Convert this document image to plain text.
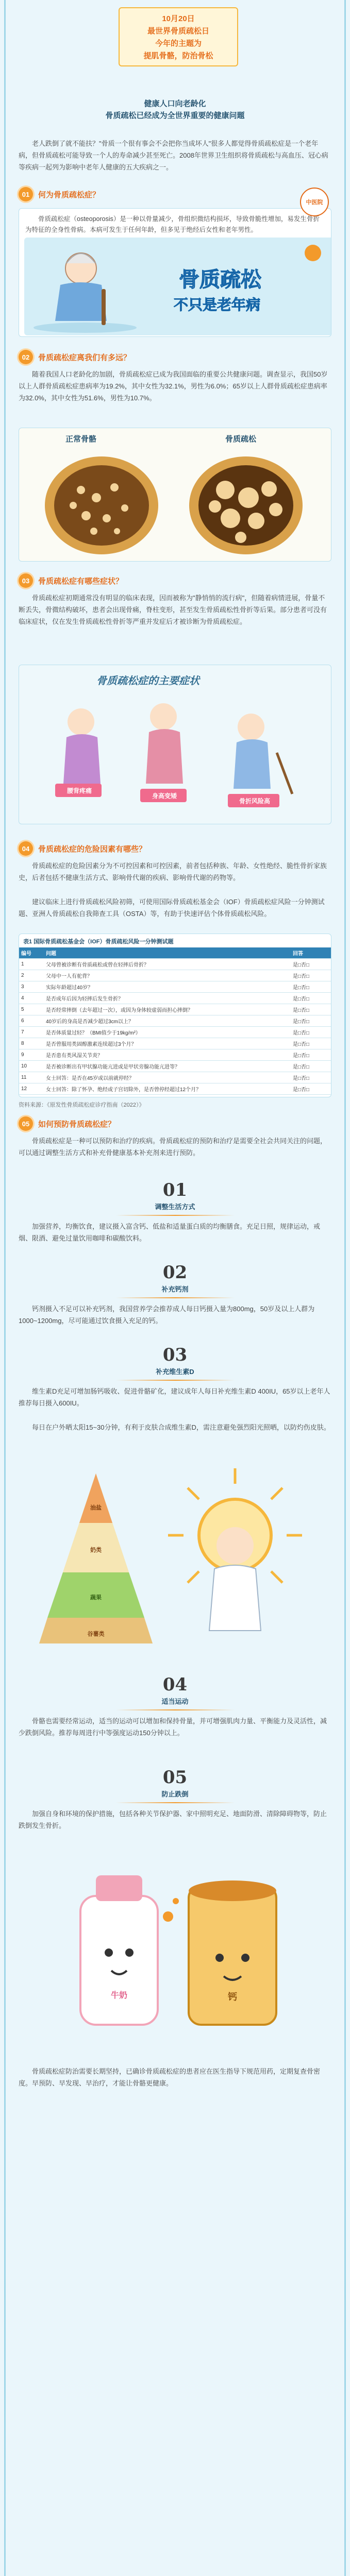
10月20日

最世界骨质疏松日

今年的主题为

提肌骨骼，防治骨松

健康人口向老龄化
骨质疏松已经成为全世界重要的健康问题
老人跌倒了就不能扶？"骨质一个很有事会不会把你当成坏人"很多人都觉得骨质疏松症是一个老年病，但骨质疏松可能导致一个人的寿命减少甚至死亡。2008年世界卫生组织将骨质疏松与高血压、冠心病等疾病一起列为影响中老年人健康的五大疾病之一。
01	何为骨质疏松症？
骨质疏松症（osteoporosis）是一种以骨量减少，骨组织微结构损坏，导致骨脆性增加，易发生骨折为特征的全身性骨病。本病可发生于任何年龄，但多见于绝经后女性和老年男性。
骨质疏松
不只是老年病
中医院
02	骨质疏松症离我们有多远？
随着我国人口老龄化的加剧，骨质疏松症已成为我国面临的重要公共健康问题。调查显示，我国50岁以上人群骨质疏松症患病率为19.2%，其中女性为32.1%，男性为6.0%；65岁以上人群骨质疏松症患病率为32.0%，其中女性为51.6%，男性为10.7%。
正常骨骼	骨质疏松
03	骨质疏松症有哪些症状？
骨质疏松症初期通常没有明显的临床表现，因而被称为"静悄悄的流行病"，但随着病情进展，骨量不断丢失，骨微结构破坏，患者会出现骨痛，脊柱变形，甚至发生骨质疏松性骨折等后果。部分患者可没有临床症状，仅在发生骨质疏松性骨折等严重并发症后才被诊断为骨质疏松症。
骨质疏松症的主要症状
腰背疼痛
身高变矮
骨折风险高
04	骨质疏松症的危险因素有哪些？
骨质疏松症的危险因素分为不可控因素和可控因素，前者包括种族、年龄、女性绝经、脆性骨折家族史，后者包括不健康生活方式、影响骨代谢的疾病、影响骨代谢的药物等。
建议临床上进行骨质疏松风险初筛，可使用国际骨质疏松基金会（IOF）骨质疏松症风险一分钟测试题、亚洲人骨质疏松自我筛查工具（OSTA）等，有助于快速评估个体骨质疏松风险。
表1 国际骨质疏松基金会（IOF）骨质疏松风险一分钟测试题
编号	问题	回答
1	父母曾被诊断有骨质疏松或曾在轻摔后骨折？	是□否□
2	父母中一人有驼背？	是□否□
3	实际年龄超过40岁？	是□否□
4	是否成年后因为轻摔后发生骨折？	是□否□
5	是否经常摔倒（去年超过一次），或因为身体较虚弱而担心摔倒？	是□否□
6	40岁后的身高是否减少超过3cm以上？	是□否□
7	是否体质量过轻？（BMI值少于19kg/m²）	是□否□
8	是否曾服用类固醇激素连续超过3个月？	是□否□
9	是否患有类风湿关节炎？	是□否□
10	是否被诊断出有甲状腺功能亢进或是甲状旁腺功能亢进等？	是□否□
11	女士回答：是否在45岁或以前就停经？	是□否□
12	女士回答：除了怀孕、绝经或子宫切除外，是否曾停经超过12个月？	是□否□
资料来源：《原发性骨质疏松症诊疗指南（2022）》
05	如何预防骨质疏松症？
骨质疏松症是一种可以预防和治疗的疾病。骨质疏松症的预防和治疗是需要全社会共同关注的问题，可以通过调整生活方式和补充骨健康基本补充剂来进行预防。
01
调整生活方式
加强营养，均衡饮食，建议摄入富含钙、低盐和适量蛋白质的均衡膳食。充足日照，规律运动，戒烟、限酒、避免过量饮用咖啡和碳酸饮料。
02
补充钙剂
钙剂摄入不足可以补充钙剂，我国营养学会推荐成人每日钙摄入量为800mg，50岁及以上人群为1000~1200mg，尽可能通过饮食摄入充足的钙。
03
补充维生素D
维生素D充足可增加肠钙吸收、促进骨骼矿化，建议成年人每日补充维生素D 400IU，65岁以上老年人推荐每日摄入600IU。
每日在户外晒太阳15~30分钟，有利于皮肤合成维生素D，需注意避免强烈阳光照晒，以防灼伤皮肤。
油盐
奶类
蔬果
谷薯类
04
适当运动
骨骼也需要经常运动，适当的运动可以增加和保持骨量，并可增强肌肉力量、平衡能力及灵活性，减少跌倒风险。推荐每周进行中等强度运动150分钟以上。
05
防止跌倒
加强自身和环境的保护措施，包括各种关节保护器、家中照明充足、地面防滑、清除障碍物等，防止跌倒发生骨折。
牛奶	钙
骨质疏松症防治需要长期坚持，已确诊骨质疏松症的患者应在医生指导下规范用药，定期复查骨密度。早预防、早发现、早治疗，才能让骨骼更健康。
